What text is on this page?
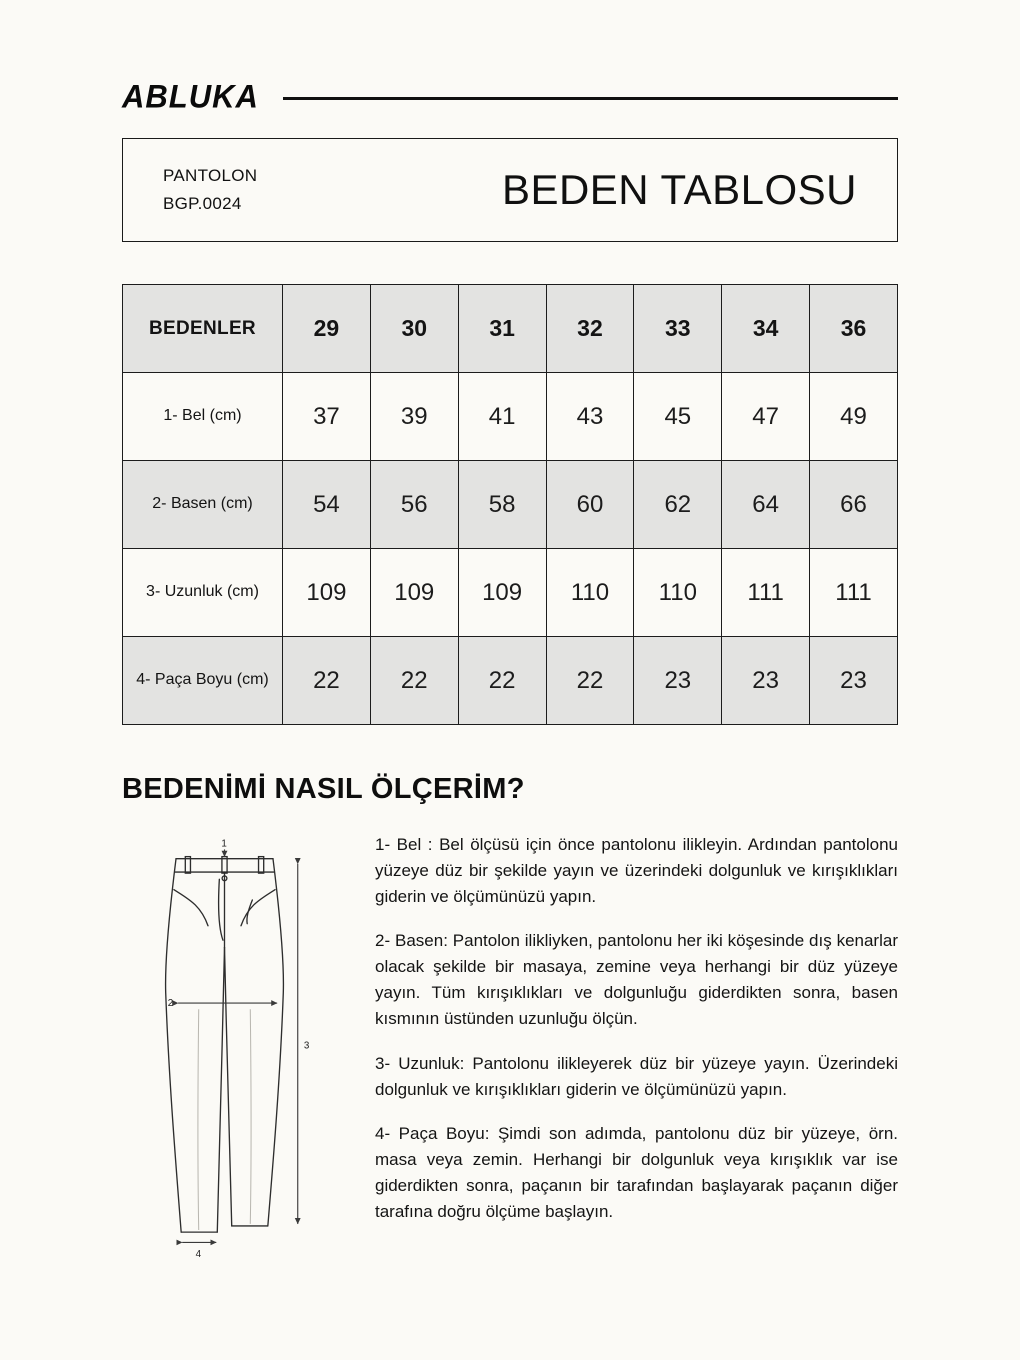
ABLUKA
PANTOLON
BGP.0024	BEDEN TABLOSU
BEDENLER	29	30	31	32	33	34	36
1- Bel (cm)	37	39	41	43	45	47	49
2- Basen (cm)	54	56	58	60	62	64	66
3- Uzunluk (cm)	109	109	109	110	110	111	111
4- Paça Boyu (cm)	22	22	22	22	23	23	23
BEDENİMİ NASIL ÖLÇERİM?
1
2
3
4

1- Bel : Bel ölçüsü için önce pantolonu ilikleyin. Ardından pantolonu yüzeye düz bir şekilde yayın ve üzerindeki dolgunluk ve kırışıklıkları giderin ve ölçümünüzü yapın.

2- Basen: Pantolon ilikliyken, pantolonu her iki köşesinde dış kenarlar olacak şekilde bir masaya, zemine veya herhangi bir düz yüzeye yayın. Tüm kırışıklıkları ve dolgunluğu giderdikten sonra, basen kısmının üstünden uzunluğu ölçün.

3- Uzunluk: Pantolonu ilikleyerek düz bir yüzeye yayın. Üzerindeki dolgunluk ve kırışıklıkları giderin ve ölçümünüzü yapın.

4- Paça Boyu: Şimdi son adımda, pantolonu düz bir yüzeye, örn. masa veya zemin. Herhangi bir dolgunluk veya kırışıklık var ise giderdikten sonra, paçanın bir tarafından başlayarak paçanın diğer tarafına doğru ölçüme başlayın.
